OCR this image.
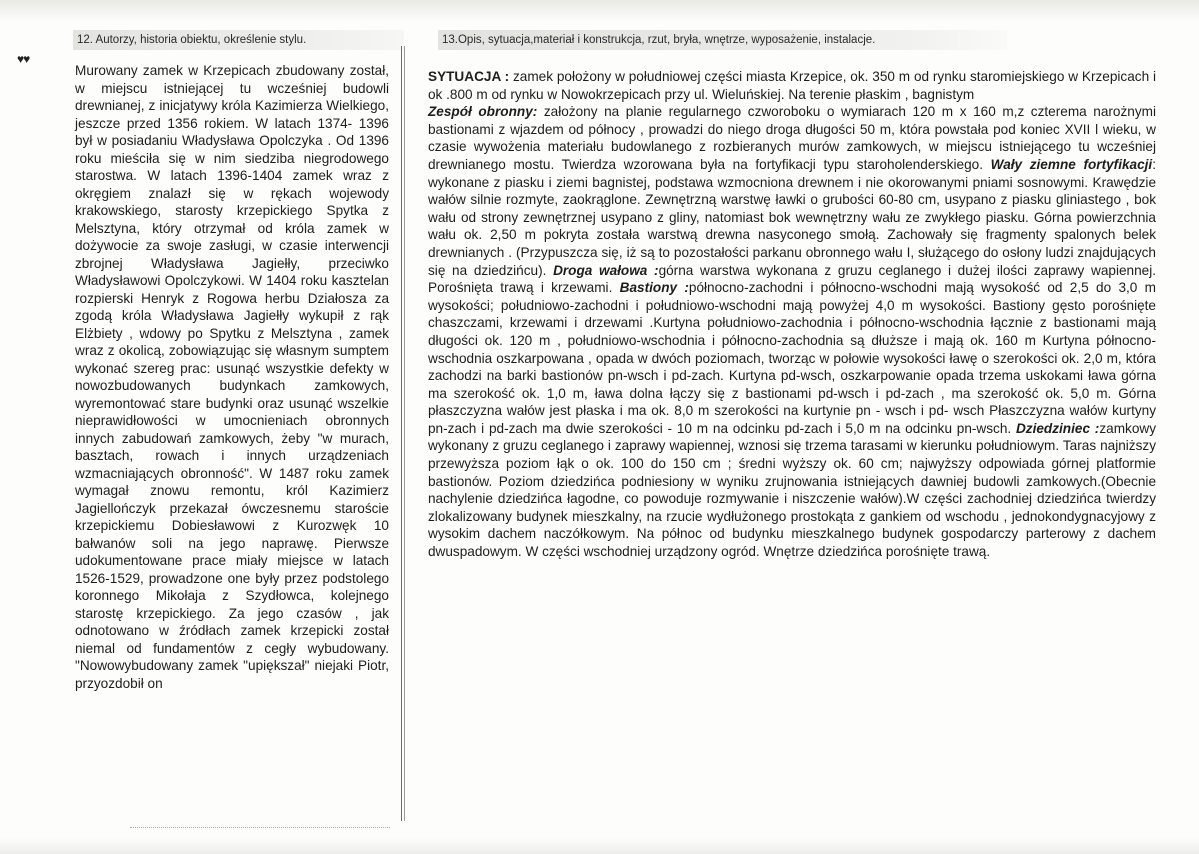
12. Autorzy, historia obiektu, określenie stylu.	13.Opis, sytuacja,materiał i konstrukcja, rzut, bryła, wnętrze, wyposażenie, instalacje.
♥♥

Murowany zamek w Krzepicach zbudowany został, w miejscu istniejącej tu wcześniej budowli drewnianej, z inicjatywy króla Kazimierza Wielkiego, jeszcze przed 1356 rokiem. W latach 1374- 1396 był w posiadaniu Władysława Opolczyka . Od 1396 roku mieściła się w nim siedziba niegrodowego starostwa. W latach 1396-1404 zamek wraz z okręgiem znalazł się w rękach wojewody krakowskiego, starosty krzepickiego Spytka z Melsztyna, który otrzymał od króla zamek w dożywocie za swoje zasługi, w czasie interwencji zbrojnej Władysława Jagiełły, przeciwko Władysławowi Opolczykowi. W 1404 roku kasztelan rozpierski Henryk z Rogowa herbu Działosza za zgodą króla Władysława Jagiełły wykupił z rąk Elżbiety , wdowy po Spytku z Melsztyna , zamek wraz z okolicą, zobowiązując się własnym sumptem wykonać szereg prac: usunąć wszystkie defekty w nowozbudowanych budynkach zamkowych, wyremontować stare budynki oraz usunąć wszelkie nieprawidłowości w umocnieniach obronnych innych zabudowań zamkowych, żeby "w murach, basztach, rowach i innych urządzeniach wzmacniających obronność". W 1487 roku zamek wymagał znowu remontu, król Kazimierz Jagiellończyk przekazał ówczesnemu staroście krzepickiemu Dobiesławowi z Kurozwęk 10 bałwanów soli na jego naprawę. Pierwsze udokumentowane prace miały miejsce w latach 1526-1529, prowadzone one były przez podstolego koronnego Mikołaja z Szydłowca, kolejnego starostę krzepickiego. Za jego czasów , jak odnotowano w źródłach zamek krzepicki został niemal od fundamentów z cegły wybudowany. "Nowowybudowany zamek "upiększał" niejaki Piotr, przyozdobił on

SYTUACJA : zamek położony w południowej części miasta Krzepice, ok. 350 m od rynku staromiejskiego w Krzepicach i ok .800 m od rynku w Nowokrzepicach przy ul. Wieluńskiej. Na terenie płaskim , bagnistym
Zespół obronny: założony na planie regularnego czworoboku o wymiarach 120 m x 160 m,z czterema narożnymi bastionami z wjazdem od północy , prowadzi do niego droga długości 50 m, która powstała pod koniec XVII l wieku, w czasie wywożenia materiału budowlanego z rozbieranych murów zamkowych, w miejscu istniejącego tu wcześniej drewnianego mostu. Twierdza wzorowana była na fortyfikacji typu staroholenderskiego. Wały ziemne fortyfikacji: wykonane z piasku i ziemi bagnistej, podstawa wzmocniona drewnem i nie okorowanymi pniami sosnowymi. Krawędzie wałów silnie rozmyte, zaokrąglone. Zewnętrzną warstwę ławki o grubości 60-80 cm, usypano z piasku gliniastego , bok wału od strony zewnętrznej usypano z gliny, natomiast bok wewnętrzny wału ze zwykłego piasku. Górna powierzchnia wału ok. 2,50 m pokryta została warstwą drewna nasyconego smołą. Zachowały się fragmenty spalonych belek drewnianych . (Przypuszcza się, iż są to pozostałości parkanu obronnego wału I, służącego do osłony ludzi znajdujących się na dziedzińcu). Droga wałowa :górna warstwa wykonana z gruzu ceglanego i dużej ilości zaprawy wapiennej. Porośnięta trawą i krzewami. Bastiony :północno-zachodni i północno-wschodni mają wysokość od 2,5 do 3,0 m wysokości; południowo-zachodni i południowo-wschodni mają powyżej 4,0 m wysokości. Bastiony gęsto porośnięte chaszczami, krzewami i drzewami .Kurtyna południowo-zachodnia i północno-wschodnia łącznie z bastionami mają długości ok. 120 m , południowo-wschodnia i północno-zachodnia są dłuższe i mają ok. 160 m Kurtyna północno-wschodnia oszkarpowana , opada w dwóch poziomach, tworząc w połowie wysokości ławę o szerokości ok. 2,0 m, która zachodzi na barki bastionów pn-wsch i pd-zach. Kurtyna pd-wsch, oszkarpowanie opada trzema uskokami ława górna ma szerokość ok. 1,0 m, ława dolna łączy się z bastionami pd-wsch i pd-zach , ma szerokość ok. 5,0 m. Górna płaszczyzna wałów jest płaska i ma ok. 8,0 m szerokości na kurtynie pn - wsch i pd- wsch Płaszczyzna wałów kurtyny pn-zach i pd-zach ma dwie szerokości - 10 m na odcinku pd-zach i 5,0 m na odcinku pn-wsch. Dziedziniec :zamkowy wykonany z gruzu ceglanego i zaprawy wapiennej, wznosi się trzema tarasami w kierunku południowym. Taras najniższy przewyższa poziom łąk o ok. 100 do 150 cm ; średni wyższy ok. 60 cm; najwyższy odpowiada górnej platformie bastionów. Poziom dziedzińca podniesiony w wyniku zrujnowania istniejących dawniej budowli zamkowych.(Obecnie nachylenie dziedzińca łagodne, co powoduje rozmywanie i niszczenie wałów).W części zachodniej dziedzińca twierdzy zlokalizowany budynek mieszkalny, na rzucie wydłużonego prostokąta z gankiem od wschodu , jednokondygnacyjowy z wysokim dachem naczółkowym. Na północ od budynku mieszkalnego budynek gospodarczy parterowy z dachem dwuspadowym. W części wschodniej urządzony ogród. Wnętrze dziedzińca porośnięte trawą.
